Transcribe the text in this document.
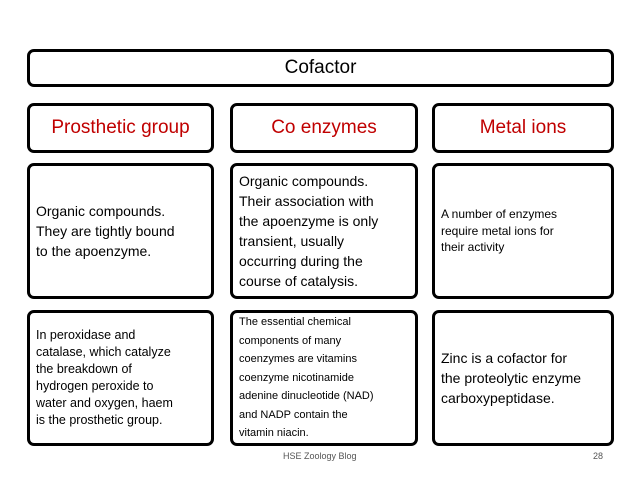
Cofactor
Prosthetic group	Co enzymes	Metal ions
Organic compounds.
They are tightly bound
to the apoenzyme.
Organic compounds.
Their association with
the apoenzyme is only
transient, usually
occurring during the
course of catalysis.
A number of enzymes
require metal ions for
their activity
In peroxidase and
catalase, which catalyze
the breakdown of
hydrogen peroxide to
water and oxygen, haem
is the prosthetic group.
The essential chemical
components of many
coenzymes are vitamins
coenzyme nicotinamide
adenine dinucleotide (NAD)
and NADP contain the
vitamin niacin.
Zinc is a cofactor for
the proteolytic enzyme
carboxypeptidase.
HSE Zoology Blog	28
